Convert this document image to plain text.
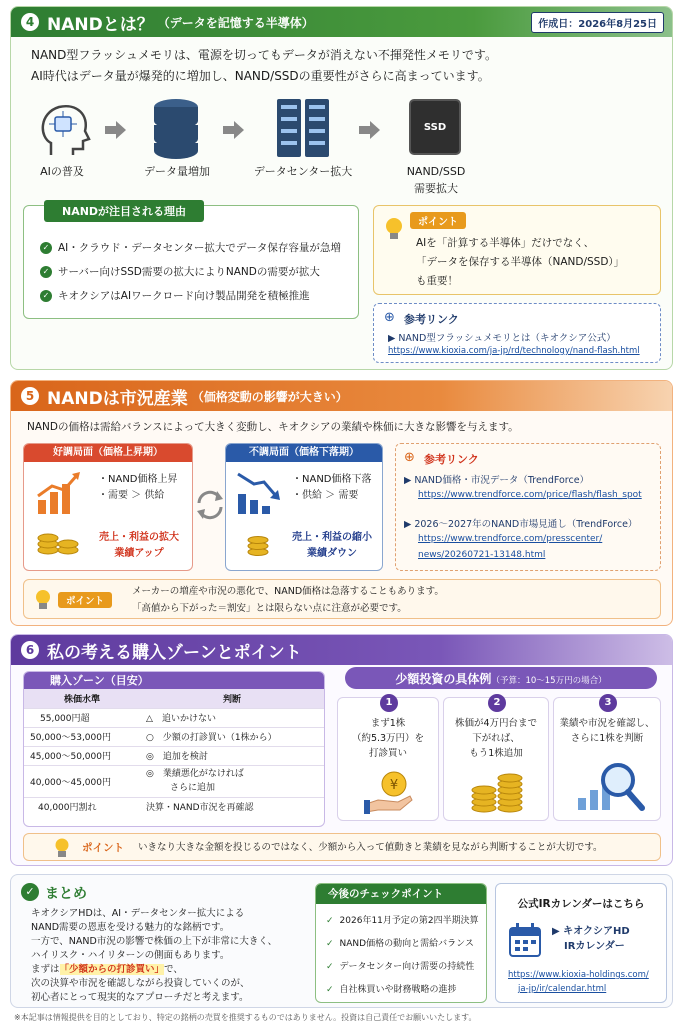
4 NANDとは？ （データを記憶する半導体）	作成日：2026年8月25日
NAND型フラッシュメモリは、電源を切ってもデータが消えない不揮発性メモリです。
AI時代はデータ量が爆発的に増加し、NAND/SSDの重要性がさらに高まっています。
SSD
AIの普及	データ量増加	データセンター拡大	NAND/SSD
需要拡大
NANDが注目される理由
✓ AI・クラウド・データセンター拡大でデータ保存容量が急増
✓ サーバー向けSSD需要の拡大によりNANDの需要が拡大
✓ キオクシアはAIワークロード向け製品開発を積極推進
ポイント
AIを「計算する半導体」だけでなく、
「データを保存する半導体（NAND/SSD）」
も重要！
⊕ 参考リンク
▶ NAND型フラッシュメモリとは（キオクシア公式）
https://www.kioxia.com/ja-jp/rd/technology/nand-flash.html
5 NANDは市況産業 （価格変動の影響が大きい）
NANDの価格は需給バランスによって大きく変動し、キオクシアの業績や株価に大きな影響を与えます。
好調局面（価格上昇期）
・NAND価格上昇
・需要 ＞ 供給
売上・利益の拡大
業績アップ
不調局面（価格下落期）
・NAND価格下落
・供給 ＞ 需要
売上・利益の縮小
業績ダウン
⊕ 参考リンク
▶ NAND価格・市況データ（TrendForce）
https://www.trendforce.com/price/flash/flash_spot
▶ 2026～2027年のNAND市場見通し（TrendForce）
https://www.trendforce.com/presscenter/
news/20260721-13148.html
ポイント
メーカーの増産や市況の悪化で、NAND価格は急落することもあります。
「高値から下がった＝割安」とは限らない点に注意が必要です。
6 私の考える購入ゾーンとポイント
購入ゾーン（目安）
株価水準	判断
55,000円超	△　 追いかけない
50,000～53,000円	○　 少額の打診買い（1株から）
45,000～50,000円	◎　 追加を検討
40,000～45,000円	◎　 業績悪化がなければ
さらに追加
40,000円割れ	決算・NAND市況を再確認
少額投資の具体例（予算：10～15万円の場合）
1
まず1株
（約5.3万円）を
打診買い
¥
2
株価が4万円台まで
下がれば、
もう1株追加
3
業績や市況を確認し、
さらに1株を判断
ポイント いきなり大きな金額を投じるのではなく、少額から入って値動きと業績を見ながら判断することが大切です。
✓ まとめ
キオクシアHDは、AI・データセンター拡大による
NAND需要の恩恵を受ける魅力的な銘柄です。
一方で、NAND市況の影響で株価の上下が非常に大きく、
ハイリスク・ハイリターンの側面もあります。
まずは「少額からの打診買い」で、
次の決算や市況を確認しながら投資していくのが、
初心者にとって現実的なアプローチだと考えます。
今後のチェックポイント
✓ 2026年11月予定の第2四半期決算
✓ NAND価格の動向と需給バランス
✓ データセンター向け需要の持続性
✓ 自社株買いや財務戦略の進捗
公式IRカレンダーはこちら
▶ キオクシアHD
IRカレンダー
https://www.kioxia-holdings.com/
ja-jp/ir/calendar.html
※本記事は情報提供を目的としており、特定の銘柄の売買を推奨するものではありません。投資は自己責任でお願いいたします。
